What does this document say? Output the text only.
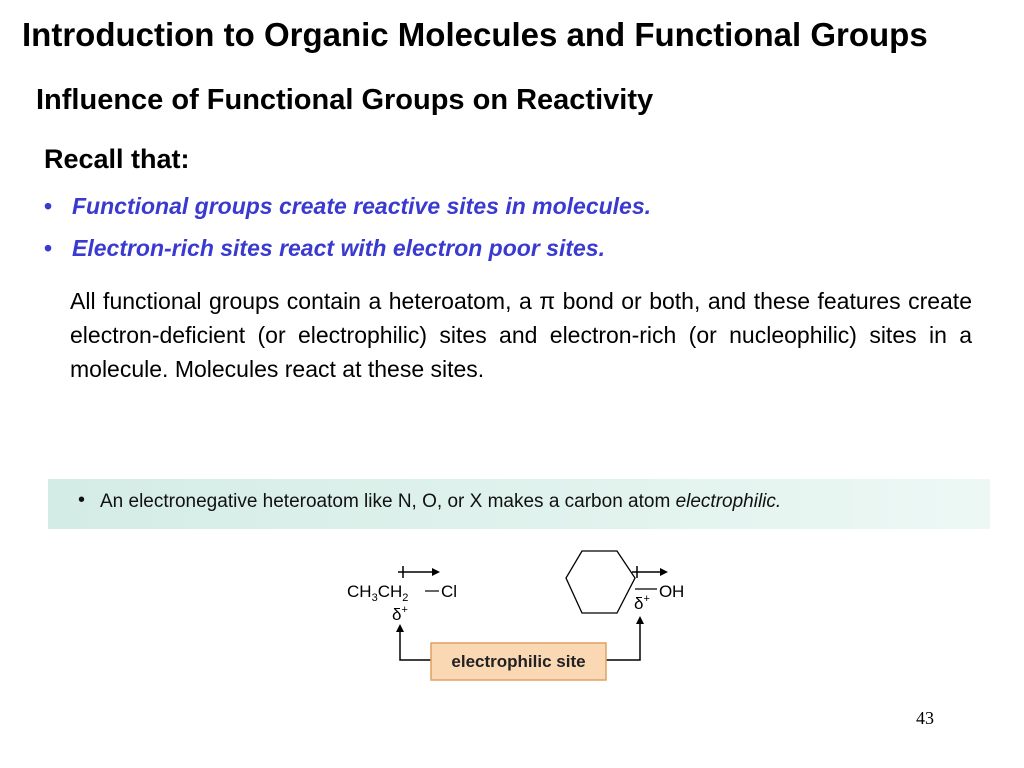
Introduction to Organic Molecules and Functional Groups
Influence of Functional Groups on Reactivity
Recall that:
• Functional groups create reactive sites in molecules.
• Electron-rich sites react with electron poor sites.
All functional groups contain a heteroatom, a π bond or both, and these features create electron-deficient (or electrophilic) sites and electron-rich (or nucleophilic) sites in a molecule. Molecules react at these sites.
• An electronegative heteroatom like N, O, or X makes a carbon atom electrophilic.
$CH_3CH_2$ Cl
δ+
O H
δ+
electrophilic site
43
